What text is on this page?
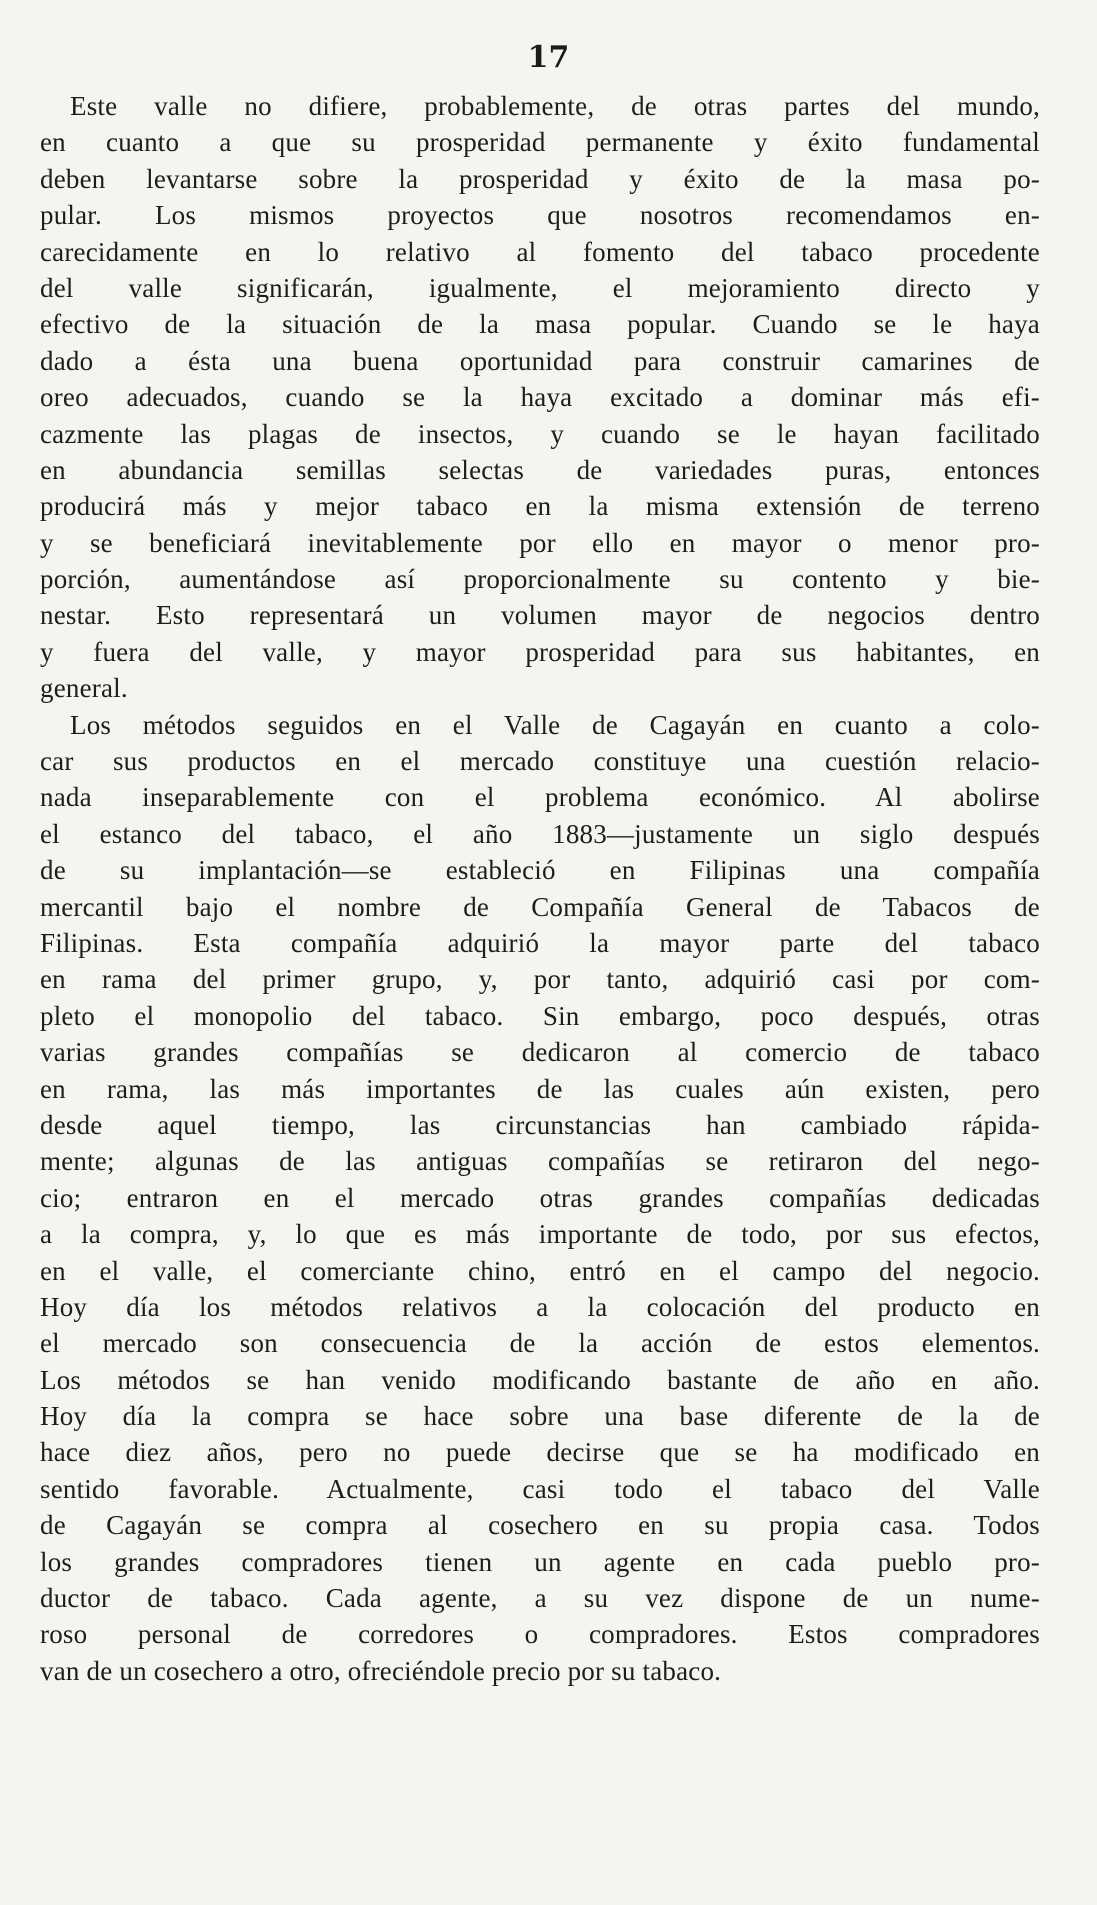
17
Este valle no difiere, probablemente, de otras partes del mundo,
en cuanto a que su prosperidad permanente y éxito fundamental
deben levantarse sobre la prosperidad y éxito de la masa po-
pular. Los mismos proyectos que nosotros recomendamos en-
carecidamente en lo relativo al fomento del tabaco procedente
del valle significarán, igualmente, el mejoramiento directo y
efectivo de la situación de la masa popular. Cuando se le haya
dado a ésta una buena oportunidad para construir camarines de
oreo adecuados, cuando se la haya excitado a dominar más efi-
cazmente las plagas de insectos, y cuando se le hayan facilitado
en abundancia semillas selectas de variedades puras, entonces
producirá más y mejor tabaco en la misma extensión de terreno
y se beneficiará inevitablemente por ello en mayor o menor pro-
porción, aumentándose así proporcionalmente su contento y bie-
nestar. Esto representará un volumen mayor de negocios dentro
y fuera del valle, y mayor prosperidad para sus habitantes, en
general.
Los métodos seguidos en el Valle de Cagayán en cuanto a colo-
car sus productos en el mercado constituye una cuestión relacio-
nada inseparablemente con el problema económico. Al abolirse
el estanco del tabaco, el año 1883—justamente un siglo después
de su implantación—se estableció en Filipinas una compañía
mercantil bajo el nombre de Compañía General de Tabacos de
Filipinas. Esta compañía adquirió la mayor parte del tabaco
en rama del primer grupo, y, por tanto, adquirió casi por com-
pleto el monopolio del tabaco. Sin embargo, poco después, otras
varias grandes compañías se dedicaron al comercio de tabaco
en rama, las más importantes de las cuales aún existen, pero
desde aquel tiempo, las circunstancias han cambiado rápida-
mente; algunas de las antiguas compañías se retiraron del nego-
cio; entraron en el mercado otras grandes compañías dedicadas
a la compra, y, lo que es más importante de todo, por sus efectos,
en el valle, el comerciante chino, entró en el campo del negocio.
Hoy día los métodos relativos a la colocación del producto en
el mercado son consecuencia de la acción de estos elementos.
Los métodos se han venido modificando bastante de año en año.
Hoy día la compra se hace sobre una base diferente de la de
hace diez años, pero no puede decirse que se ha modificado en
sentido favorable. Actualmente, casi todo el tabaco del Valle
de Cagayán se compra al cosechero en su propia casa. Todos
los grandes compradores tienen un agente en cada pueblo pro-
ductor de tabaco. Cada agente, a su vez dispone de un nume-
roso personal de corredores o compradores. Estos compradores
van de un cosechero a otro, ofreciéndole precio por su tabaco.
